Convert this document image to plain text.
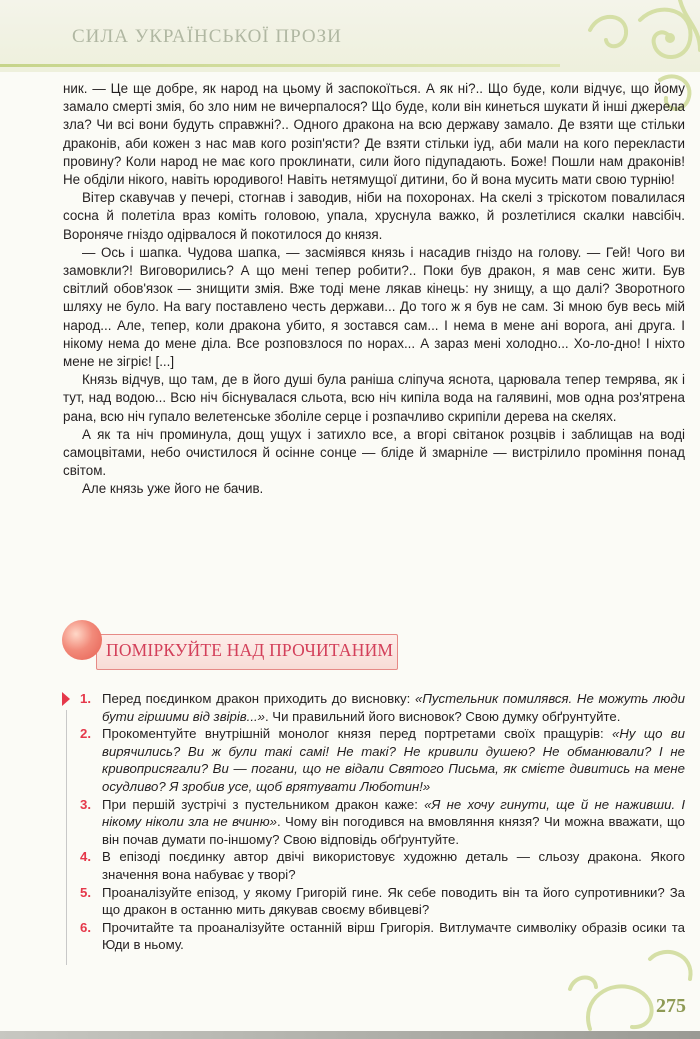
СИЛА УКРАЇНСЬКОЇ ПРОЗИ

ник. — Це ще добре, як народ на цьому й заспокоїться. А як ні?.. Що буде, коли відчує, що йому замало смерті змія, бо зло ним не вичерпалося? Що буде, коли він кинеться шукати й інші джерела зла? Чи всі вони будуть справжні?.. Одного дракона на всю державу замало. Де взяти ще стільки драконів, аби кожен з нас мав кого розіп'ясти? Де взяти стільки іуд, аби мали на кого перекласти провину? Коли народ не має кого проклинати, сили його підупадають. Боже! Пошли нам драконів! Не обділи нікого, навіть юродивого! Навіть нетямущої дитини, бо й вона мусить мати свою турнію!

Вітер скавучав у печері, стогнав і заводив, ніби на похоронах. На скелі з тріскотом повалилася сосна й полетіла враз коміть головою, упала, хруснула важко, й розлетілися скалки навсібіч. Воронячe гніздо одірвалося й покотилося до князя.

— Ось і шапка. Чудова шапка, — засміявся князь і насадив гніздо на голову. — Гей! Чого ви замовкли?! Виговорились? А що мені тепер робити?.. Поки був дракон, я мав сенс жити. Був світлий обов'язок — знищити змія. Вже тоді мене лякав кінець: ну знищу, а що далі? Зворотного шляху не було. На вагу поставлено честь держави... До того ж я був не сам. Зі мною був весь мій народ... Але, тепер, коли дракона убито, я зостався сам... І нема в мене ані ворога, ані друга. І нікому нема до мене діла. Все розповзлося по норах... А зараз мені холодно... Хо-ло-дно! І ніхто мене не зігріє! [...]

Князь відчув, що там, де в його душі була раніша сліпуча яснота, царювала тепер темрява, як і тут, над водою... Всю ніч біснувалася сльота, всю ніч кипіла вода на галявині, мов одна роз'ятрена рана, всю ніч гупало велетенське зболіле серце і розпачливо скрипіли дерева на скелях.

А як та ніч проминула, дощ ущух і затихло все, а вгорі світанок розцвів і заблищав на воді самоцвітами, небо очистилося й осінне сонце — бліде й змарніле — вистрілило проміння понад світом.

Але князь уже його не бачив.

ПОМІРКУЙТЕ НАД ПРОЧИТАНИМ

1. Перед поєдинком дракон приходить до висновку: «Пустельник помилявся. Не можуть люди бути гіршими від звірів...». Чи правильний його висновок? Свою думку обґрунтуйте.

2. Прокоментуйте внутрішній монолог князя перед портретами своїх пращурів: «Ну що ви вирячились? Ви ж були такі самі! Не такі? Не кривили душею? Не обманювали? І не кривоприсягали? Ви — погани, що не відали Святого Письма, як смієте дивитись на мене осудливо? Я зробив усе, щоб врятувати Люботин!»

3. При першій зустрічі з пустельником дракон каже: «Я не хочу гинути, ще й не наживши. І нікому ніколи зла не вчиню». Чому він погодився на вмовляння князя? Чи можна вважати, що він почав думати по-іншому? Свою відповідь обґрунтуйте.

4. В епізоді поєдинку автор двічі використовує художню деталь — сльозу дракона. Якого значення вона набуває у творі?

5. Проаналізуйте епізод, у якому Григорій гине. Як себе поводить він та його супротивники? За що дракон в останню мить дякував своєму вбивцеві?

6. Прочитайте та проаналізуйте останній вірш Григорія. Витлумачте символіку образів осики та Юди в ньому.

275
